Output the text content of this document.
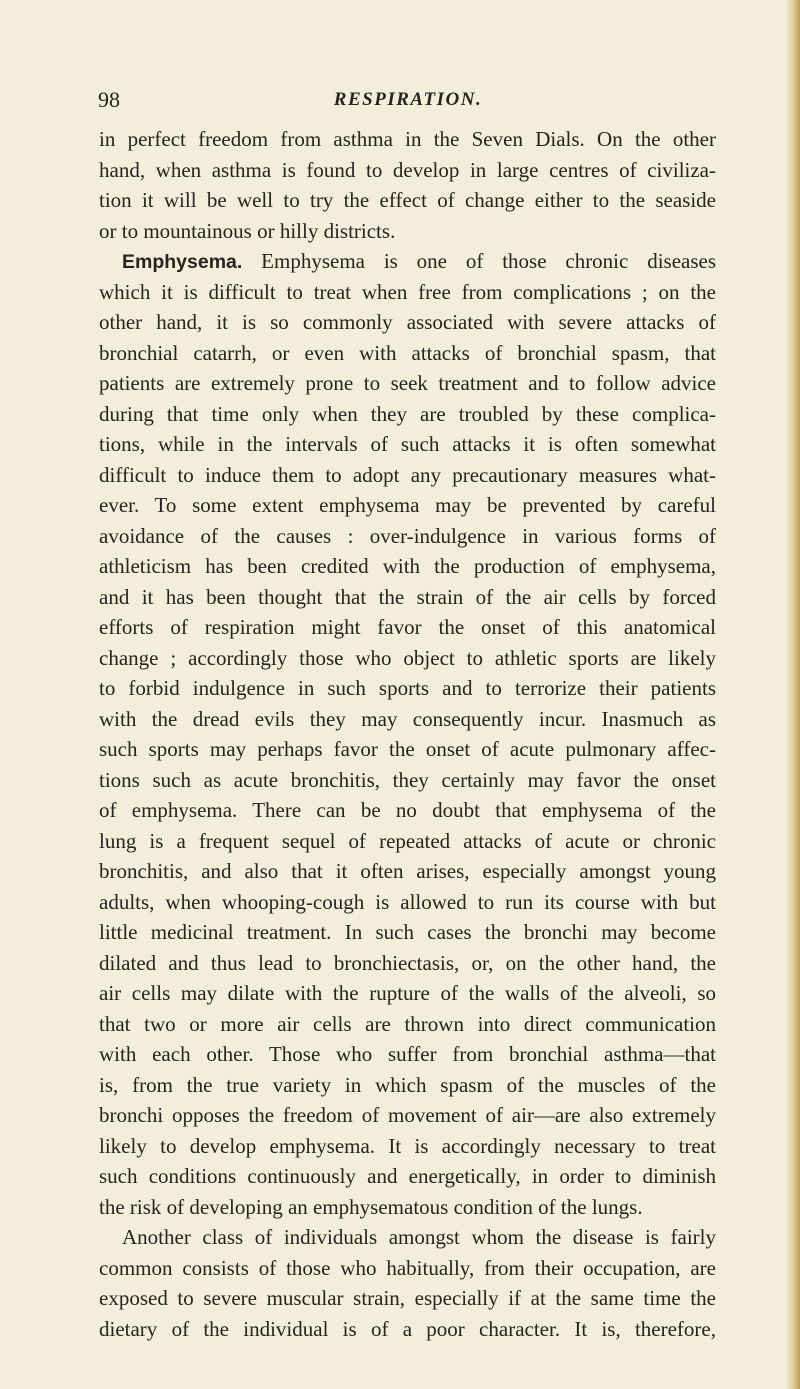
98	RESPIRATION.
in perfect freedom from asthma in the Seven Dials. On the other
hand, when asthma is found to develop in large centres of civiliza-
tion it will be well to try the effect of change either to the seaside
or to mountainous or hilly districts.
Emphysema. Emphysema is one of those chronic diseases
which it is difficult to treat when free from complications ; on the
other hand, it is so commonly associated with severe attacks of
bronchial catarrh, or even with attacks of bronchial spasm, that
patients are extremely prone to seek treatment and to follow advice
during that time only when they are troubled by these complica-
tions, while in the intervals of such attacks it is often somewhat
difficult to induce them to adopt any precautionary measures what-
ever. To some extent emphysema may be prevented by careful
avoidance of the causes : over-indulgence in various forms of
athleticism has been credited with the production of emphysema,
and it has been thought that the strain of the air cells by forced
efforts of respiration might favor the onset of this anatomical
change ; accordingly those who object to athletic sports are likely
to forbid indulgence in such sports and to terrorize their patients
with the dread evils they may consequently incur. Inasmuch as
such sports may perhaps favor the onset of acute pulmonary affec-
tions such as acute bronchitis, they certainly may favor the onset
of emphysema. There can be no doubt that emphysema of the
lung is a frequent sequel of repeated attacks of acute or chronic
bronchitis, and also that it often arises, especially amongst young
adults, when whooping-cough is allowed to run its course with but
little medicinal treatment. In such cases the bronchi may become
dilated and thus lead to bronchiectasis, or, on the other hand, the
air cells may dilate with the rupture of the walls of the alveoli, so
that two or more air cells are thrown into direct communication
with each other. Those who suffer from bronchial asthma—that
is, from the true variety in which spasm of the muscles of the
bronchi opposes the freedom of movement of air—are also extremely
likely to develop emphysema. It is accordingly necessary to treat
such conditions continuously and energetically, in order to diminish
the risk of developing an emphysematous condition of the lungs.
Another class of individuals amongst whom the disease is fairly
common consists of those who habitually, from their occupation, are
exposed to severe muscular strain, especially if at the same time the
dietary of the individual is of a poor character. It is, therefore,
